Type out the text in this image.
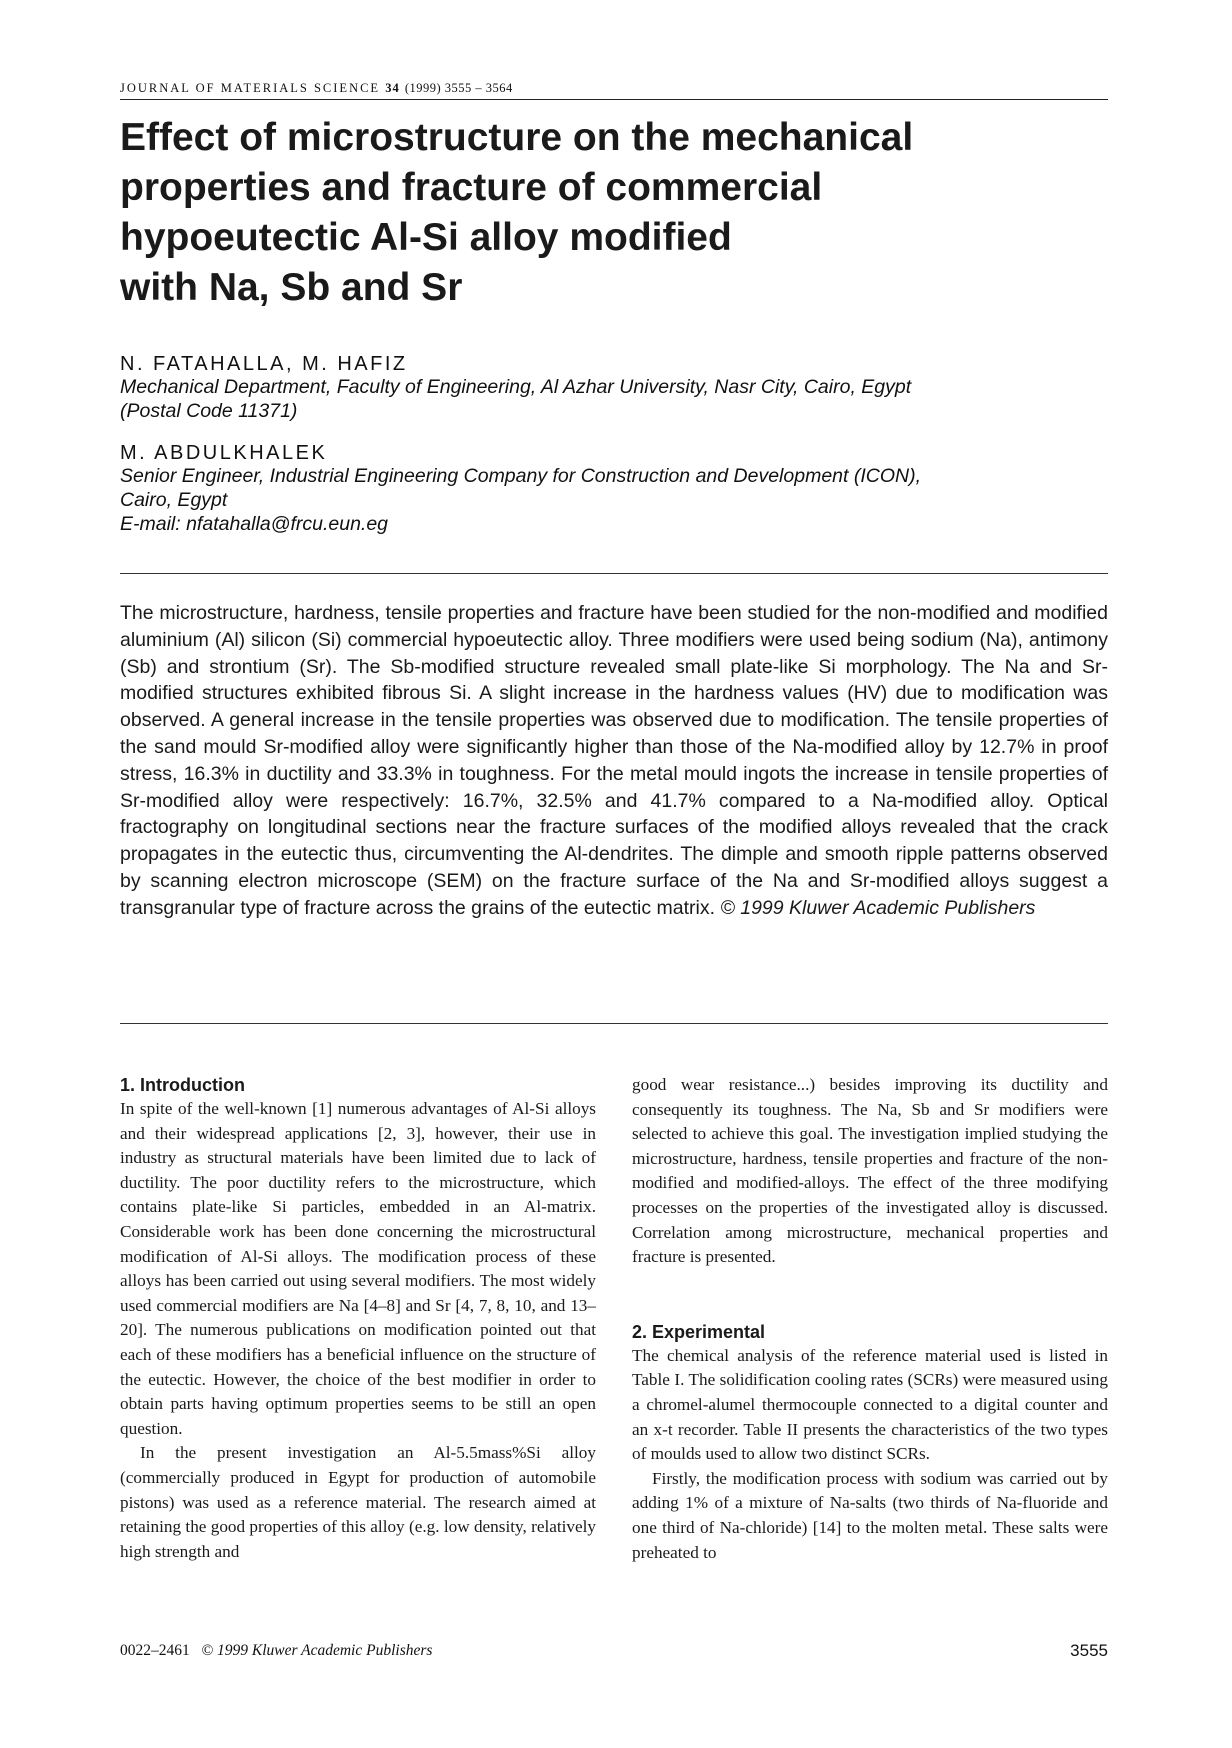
JOURNAL OF MATERIALS SCIENCE 34 (1999) 3555 – 3564
Effect of microstructure on the mechanical
properties and fracture of commercial
hypoeutectic Al-Si alloy modified
with Na, Sb and Sr
N. FATAHALLA, M. HAFIZ
Mechanical Department, Faculty of Engineering, Al Azhar University, Nasr City, Cairo, Egypt
(Postal Code 11371)
M. ABDULKHALEK
Senior Engineer, Industrial Engineering Company for Construction and Development (ICON),
Cairo, Egypt
E-mail: nfatahalla@frcu.eun.eg

The microstructure, hardness, tensile properties and fracture have been studied for the non-modified and modified aluminium (Al) silicon (Si) commercial hypoeutectic alloy. Three modifiers were used being sodium (Na), antimony (Sb) and strontium (Sr). The Sb-modified structure revealed small plate-like Si morphology. The Na and Sr-modified structures exhibited fibrous Si. A slight increase in the hardness values (HV) due to modification was observed. A general increase in the tensile properties was observed due to modification. The tensile properties of the sand mould Sr-modified alloy were significantly higher than those of the Na-modified alloy by 12.7% in proof stress, 16.3% in ductility and 33.3% in toughness. For the metal mould ingots the increase in tensile properties of Sr-modified alloy were respectively: 16.7%, 32.5% and 41.7% compared to a Na-modified alloy. Optical fractography on longitudinal sections near the fracture surfaces of the modified alloys revealed that the crack propagates in the eutectic thus, circumventing the Al-dendrites. The dimple and smooth ripple patterns observed by scanning electron microscope (SEM) on the fracture surface of the Na and Sr-modified alloys suggest a transgranular type of fracture across the grains of the eutectic matrix. © 1999 Kluwer Academic Publishers

1. Introduction

In spite of the well-known [1] numerous advantages of Al-Si alloys and their widespread applications [2, 3], however, their use in industry as structural materials have been limited due to lack of ductility. The poor ductility refers to the microstructure, which contains plate-like Si particles, embedded in an Al-matrix. Considerable work has been done concerning the microstructural modification of Al-Si alloys. The modification process of these alloys has been carried out using several modifiers. The most widely used commercial modifiers are Na [4–8] and Sr [4, 7, 8, 10, and 13–20]. The numerous publications on modification pointed out that each of these modifiers has a beneficial influence on the structure of the eutectic. However, the choice of the best modifier in order to obtain parts having optimum properties seems to be still an open question.

In the present investigation an Al-5.5mass%Si alloy (commercially produced in Egypt for production of automobile pistons) was used as a reference material. The research aimed at retaining the good properties of this alloy (e.g. low density, relatively high strength and

good wear resistance...) besides improving its ductility and consequently its toughness. The Na, Sb and Sr modifiers were selected to achieve this goal. The investigation implied studying the microstructure, hardness, tensile properties and fracture of the non-modified and modified-alloys. The effect of the three modifying processes on the properties of the investigated alloy is discussed. Correlation among microstructure, mechanical properties and fracture is presented.

2. Experimental

The chemical analysis of the reference material used is listed in Table I. The solidification cooling rates (SCRs) were measured using a chromel-alumel thermocouple connected to a digital counter and an x-t recorder. Table II presents the characteristics of the two types of moulds used to allow two distinct SCRs.

Firstly, the modification process with sodium was carried out by adding 1% of a mixture of Na-salts (two thirds of Na-fluoride and one third of Na-chloride) [14] to the molten metal. These salts were preheated to

0022–2461 © 1999 Kluwer Academic Publishers	3555
